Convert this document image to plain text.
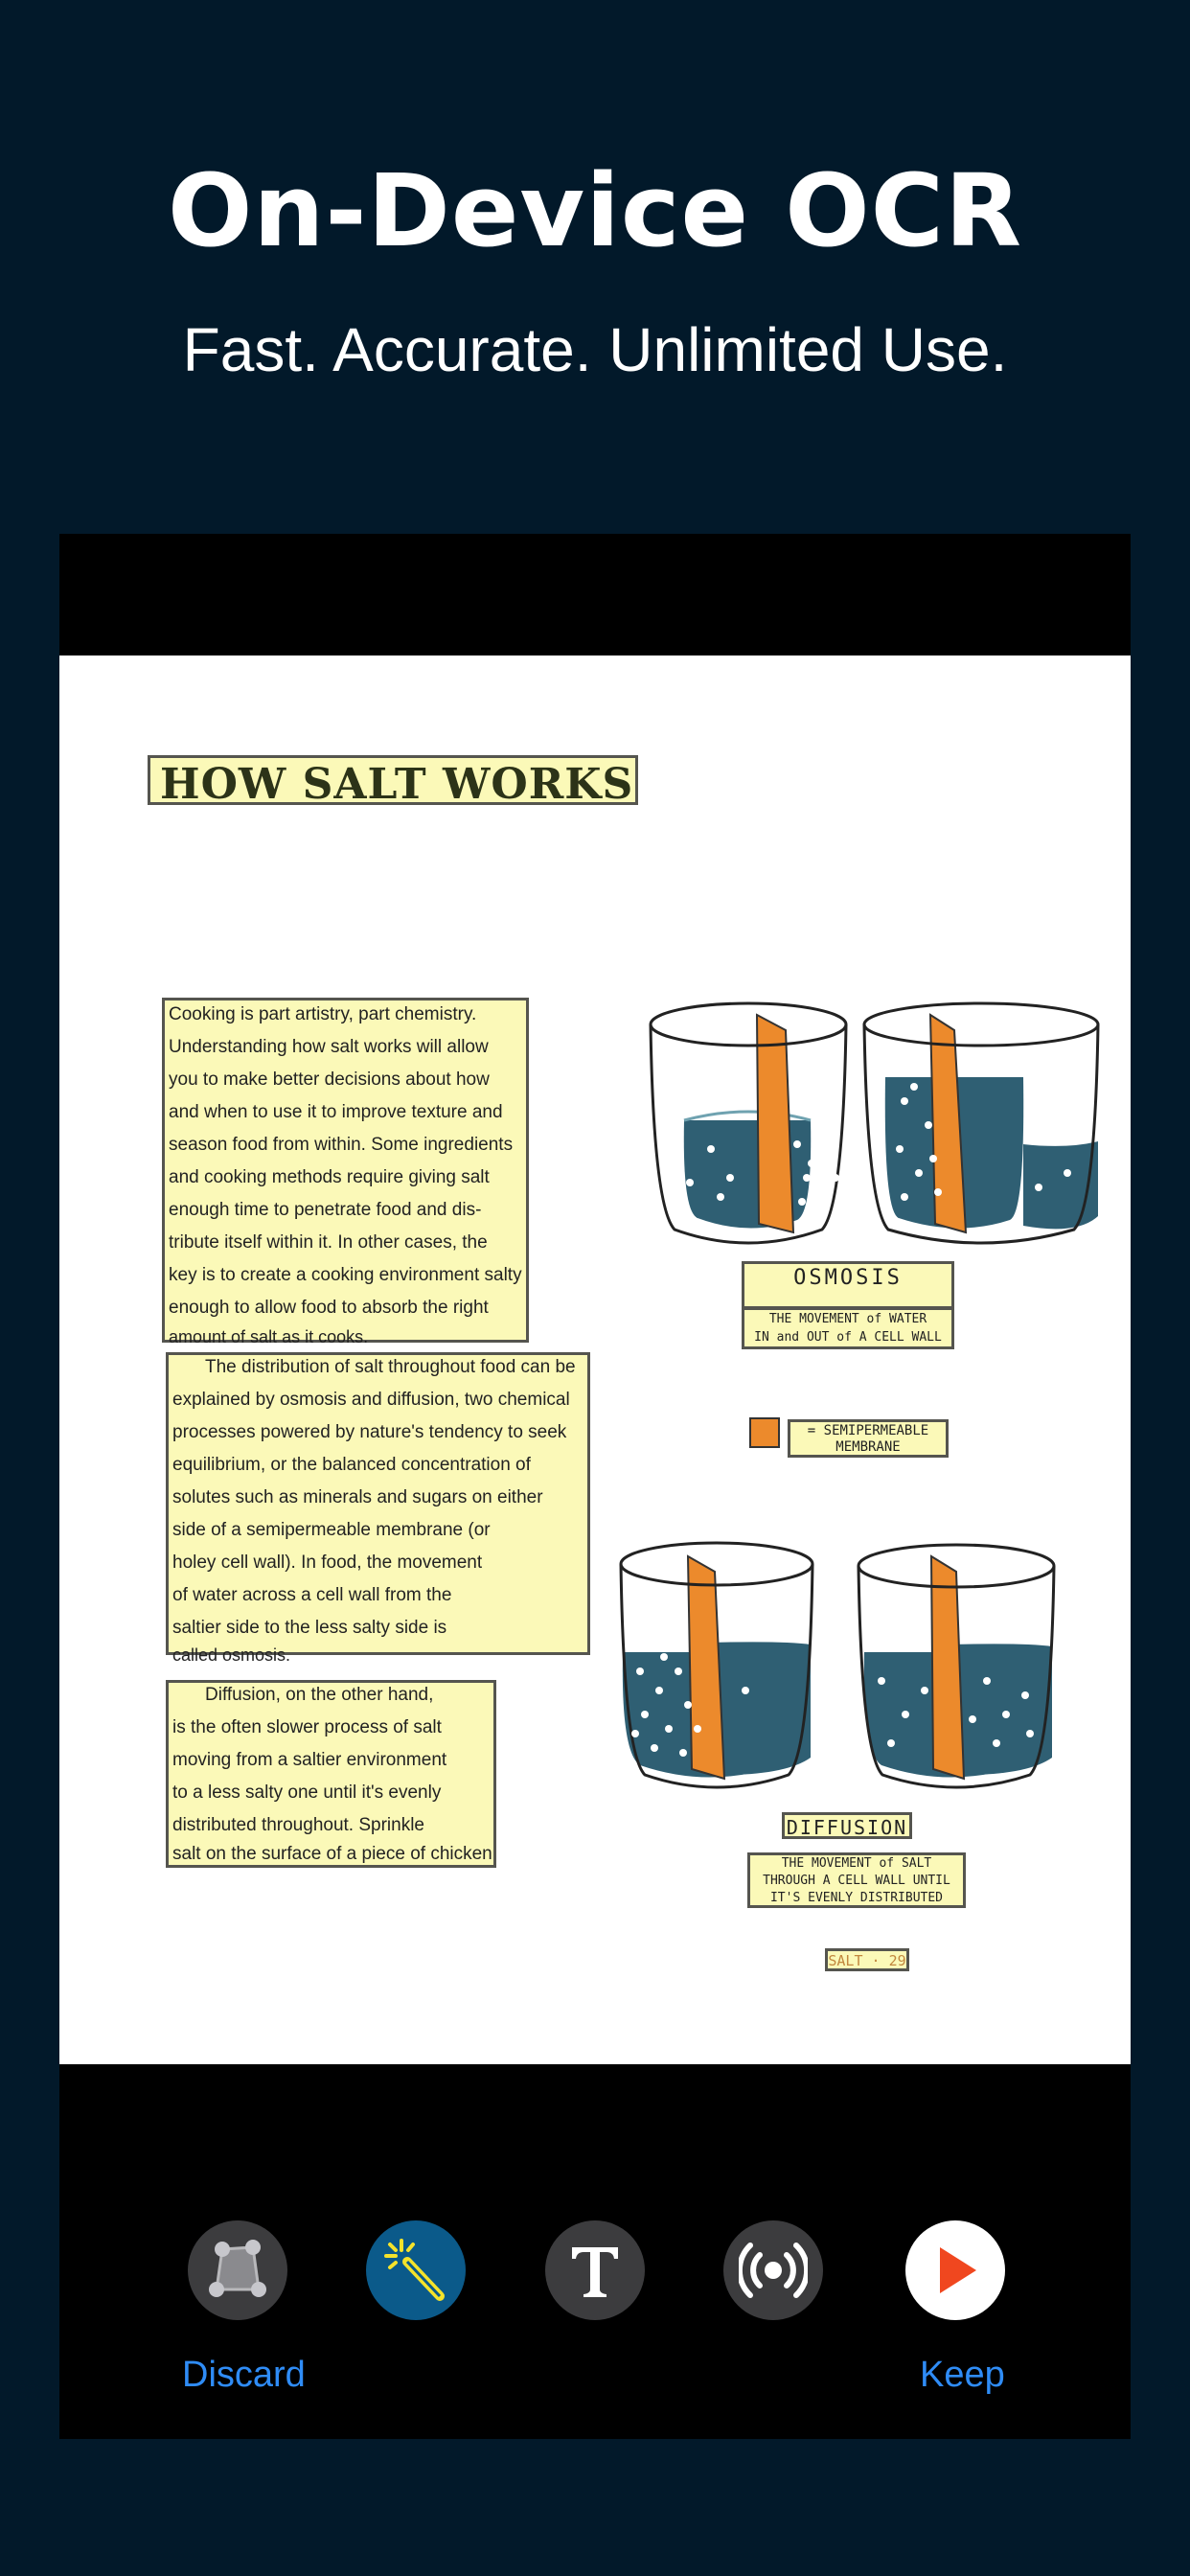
On-Device OCR
Fast. Accurate. Unlimited Use.
HOW SALT WORKS
Cooking is part artistry, part chemistry.
Understanding how salt works will allow
you to make better decisions about how
and when to use it to improve texture and
season food from within. Some ingredients
and cooking methods require giving salt
enough time to penetrate food and dis-
tribute itself within it. In other cases, the
key is to create a cooking environment salty
enough to allow food to absorb the right
amount of salt as it cooks.
The distribution of salt throughout food can be
explained by osmosis and diffusion, two chemical
processes powered by nature's tendency to seek
equilibrium, or the balanced concentration of
solutes such as minerals and sugars on either
side of a semipermeable membrane (or
holey cell wall). In food, the movement
of water across a cell wall from the
saltier side to the less salty side is
called osmosis.
Diffusion, on the other hand,
is the often slower process of salt
moving from a saltier environment
to a less salty one until it's evenly
distributed throughout. Sprinkle
salt on the surface of a piece of chicken
OSMOSIS
THE MOVEMENT of WATER
IN and OUT of A CELL WALL
= SEMIPERMEABLE
MEMBRANE
DIFFUSION
THE MOVEMENT of SALT
THROUGH A CELL WALL UNTIL
IT'S EVENLY DISTRIBUTED
SALT · 29
Discard	Keep
